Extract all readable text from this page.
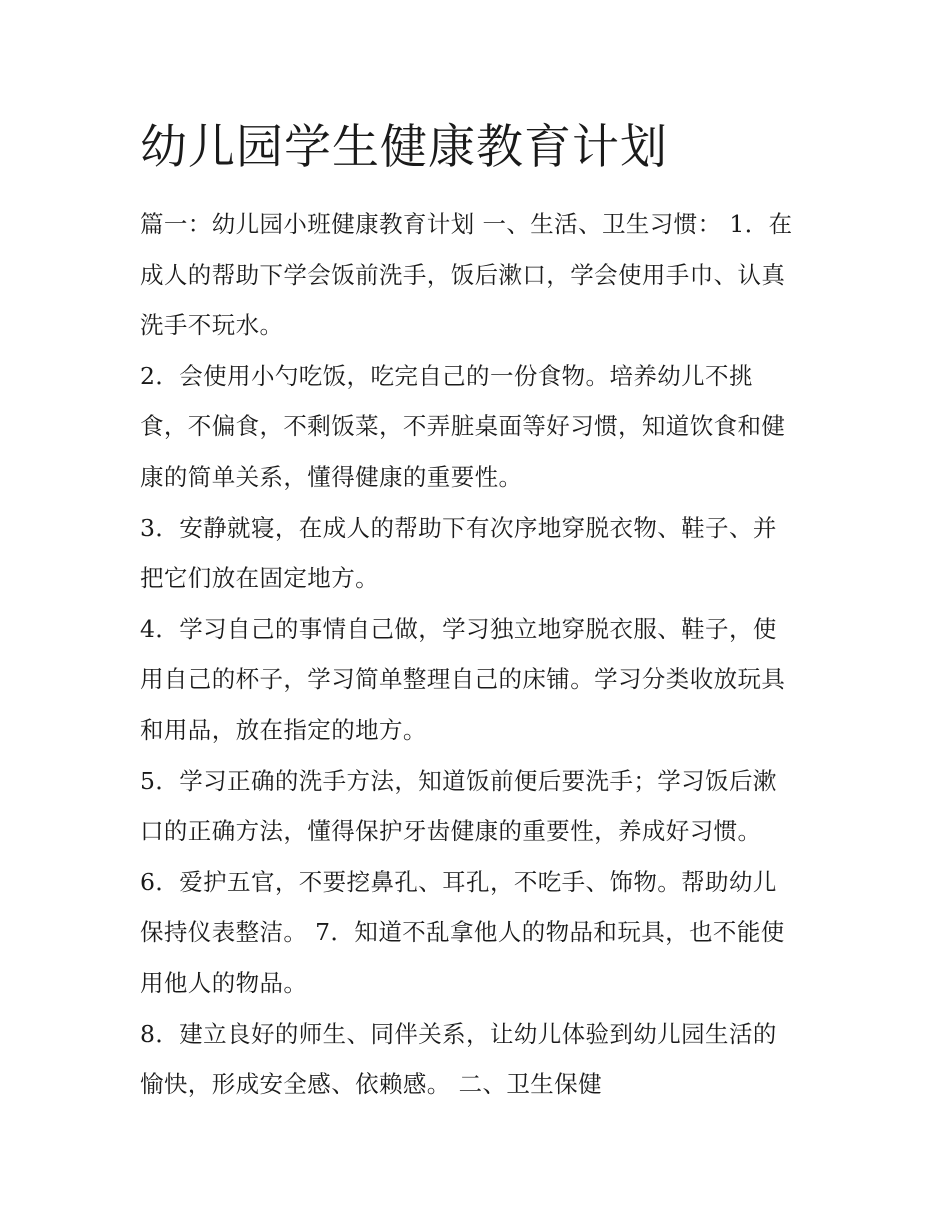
幼儿园学生健康教育计划
篇一：幼儿园小班健康教育计划 一、生活、卫生习惯： 1．在
成人的帮助下学会饭前洗手，饭后漱口，学会使用手巾、认真
洗手不玩水。
2．会使用小勺吃饭，吃完自己的一份食物。培养幼儿不挑
食，不偏食，不剩饭菜，不弄脏桌面等好习惯，知道饮食和健
康的简单关系，懂得健康的重要性。
3．安静就寝，在成人的帮助下有次序地穿脱衣物、鞋子、并
把它们放在固定地方。
4．学习自己的事情自己做，学习独立地穿脱衣服、鞋子，使
用自己的杯子，学习简单整理自己的床铺。学习分类收放玩具
和用品，放在指定的地方。
5．学习正确的洗手方法，知道饭前便后要洗手；学习饭后漱
口的正确方法，懂得保护牙齿健康的重要性，养成好习惯。
6．爱护五官，不要挖鼻孔、耳孔，不吃手、饰物。帮助幼儿
保持仪表整洁。 7．知道不乱拿他人的物品和玩具，也不能使
用他人的物品。
8．建立良好的师生、同伴关系，让幼儿体验到幼儿园生活的
愉快，形成安全感、依赖感。 二、卫生保健
